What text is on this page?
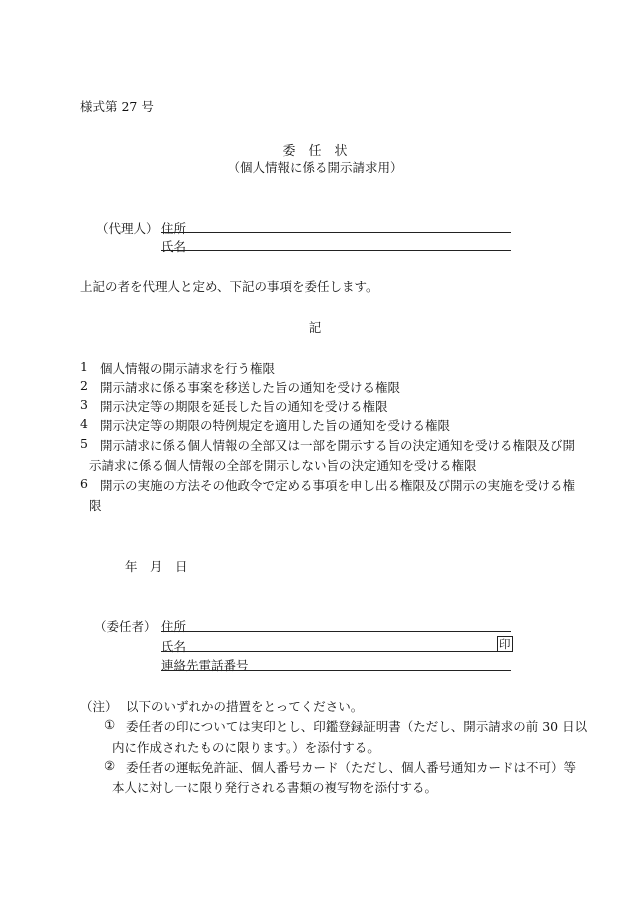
様式第 27 号
委　任　状
（個人情報に係る開示請求用）
（代理人） 住所
氏名
上記の者を代理人と定め、下記の事項を委任します。
記
1 個人情報の開示請求を行う権限
2 開示請求に係る事案を移送した旨の通知を受ける権限
3 開示決定等の期限を延長した旨の通知を受ける権限
4 開示決定等の期限の特例規定を適用した旨の通知を受ける権限
5 開示請求に係る個人情報の全部又は一部を開示する旨の決定通知を受ける権限及び開
示請求に係る個人情報の全部を開示しない旨の決定通知を受ける権限
6 開示の実施の方法その他政令で定める事項を申し出る権限及び開示の実施を受ける権
限
年　月　日
（委任者） 住所
氏名	印
連絡先電話番号
（注） 以下のいずれかの措置をとってください。
① 委任者の印については実印とし、印鑑登録証明書（ただし、開示請求の前 30 日以
内に作成されたものに限ります。）を添付する。
② 委任者の運転免許証、個人番号カード（ただし、個人番号通知カードは不可）等
本人に対し一に限り発行される書類の複写物を添付する。
